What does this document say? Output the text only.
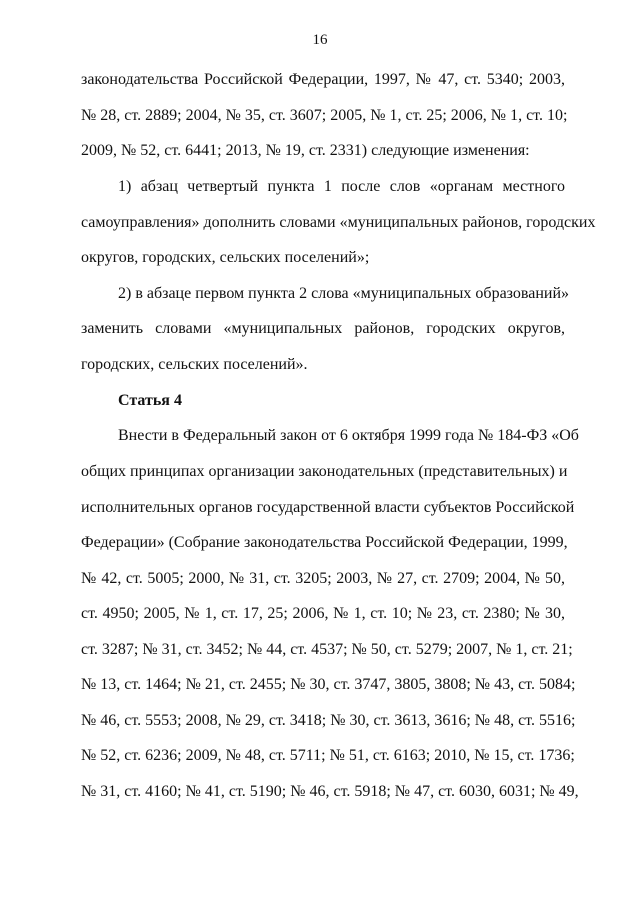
16
законодательства Российской Федерации, 1997, № 47, ст. 5340; 2003,
№ 28, ст. 2889; 2004, № 35, ст. 3607; 2005, № 1, ст. 25; 2006, № 1, ст. 10;
2009, № 52, ст. 6441; 2013, № 19, ст. 2331) следующие изменения:
1) абзац четвертый пункта 1 после слов «органам местного
самоуправления» дополнить словами «муниципальных районов, городских
округов, городских, сельских поселений»;
2) в абзаце первом пункта 2 слова «муниципальных образований»
заменить словами «муниципальных районов, городских округов,
городских, сельских поселений».
Статья 4
Внести в Федеральный закон от 6 октября 1999 года № 184-ФЗ «Об
общих принципах организации законодательных (представительных) и
исполнительных органов государственной власти субъектов Российской
Федерации» (Собрание законодательства Российской Федерации, 1999,
№ 42, ст. 5005; 2000, № 31, ст. 3205; 2003, № 27, ст. 2709; 2004, № 50,
ст. 4950; 2005, № 1, ст. 17, 25; 2006, № 1, ст. 10; № 23, ст. 2380; № 30,
ст. 3287; № 31, ст. 3452; № 44, ст. 4537; № 50, ст. 5279; 2007, № 1, ст. 21;
№ 13, ст. 1464; № 21, ст. 2455; № 30, ст. 3747, 3805, 3808; № 43, ст. 5084;
№ 46, ст. 5553; 2008, № 29, ст. 3418; № 30, ст. 3613, 3616; № 48, ст. 5516;
№ 52, ст. 6236; 2009, № 48, ст. 5711; № 51, ст. 6163; 2010, № 15, ст. 1736;
№ 31, ст. 4160; № 41, ст. 5190; № 46, ст. 5918; № 47, ст. 6030, 6031; № 49,
